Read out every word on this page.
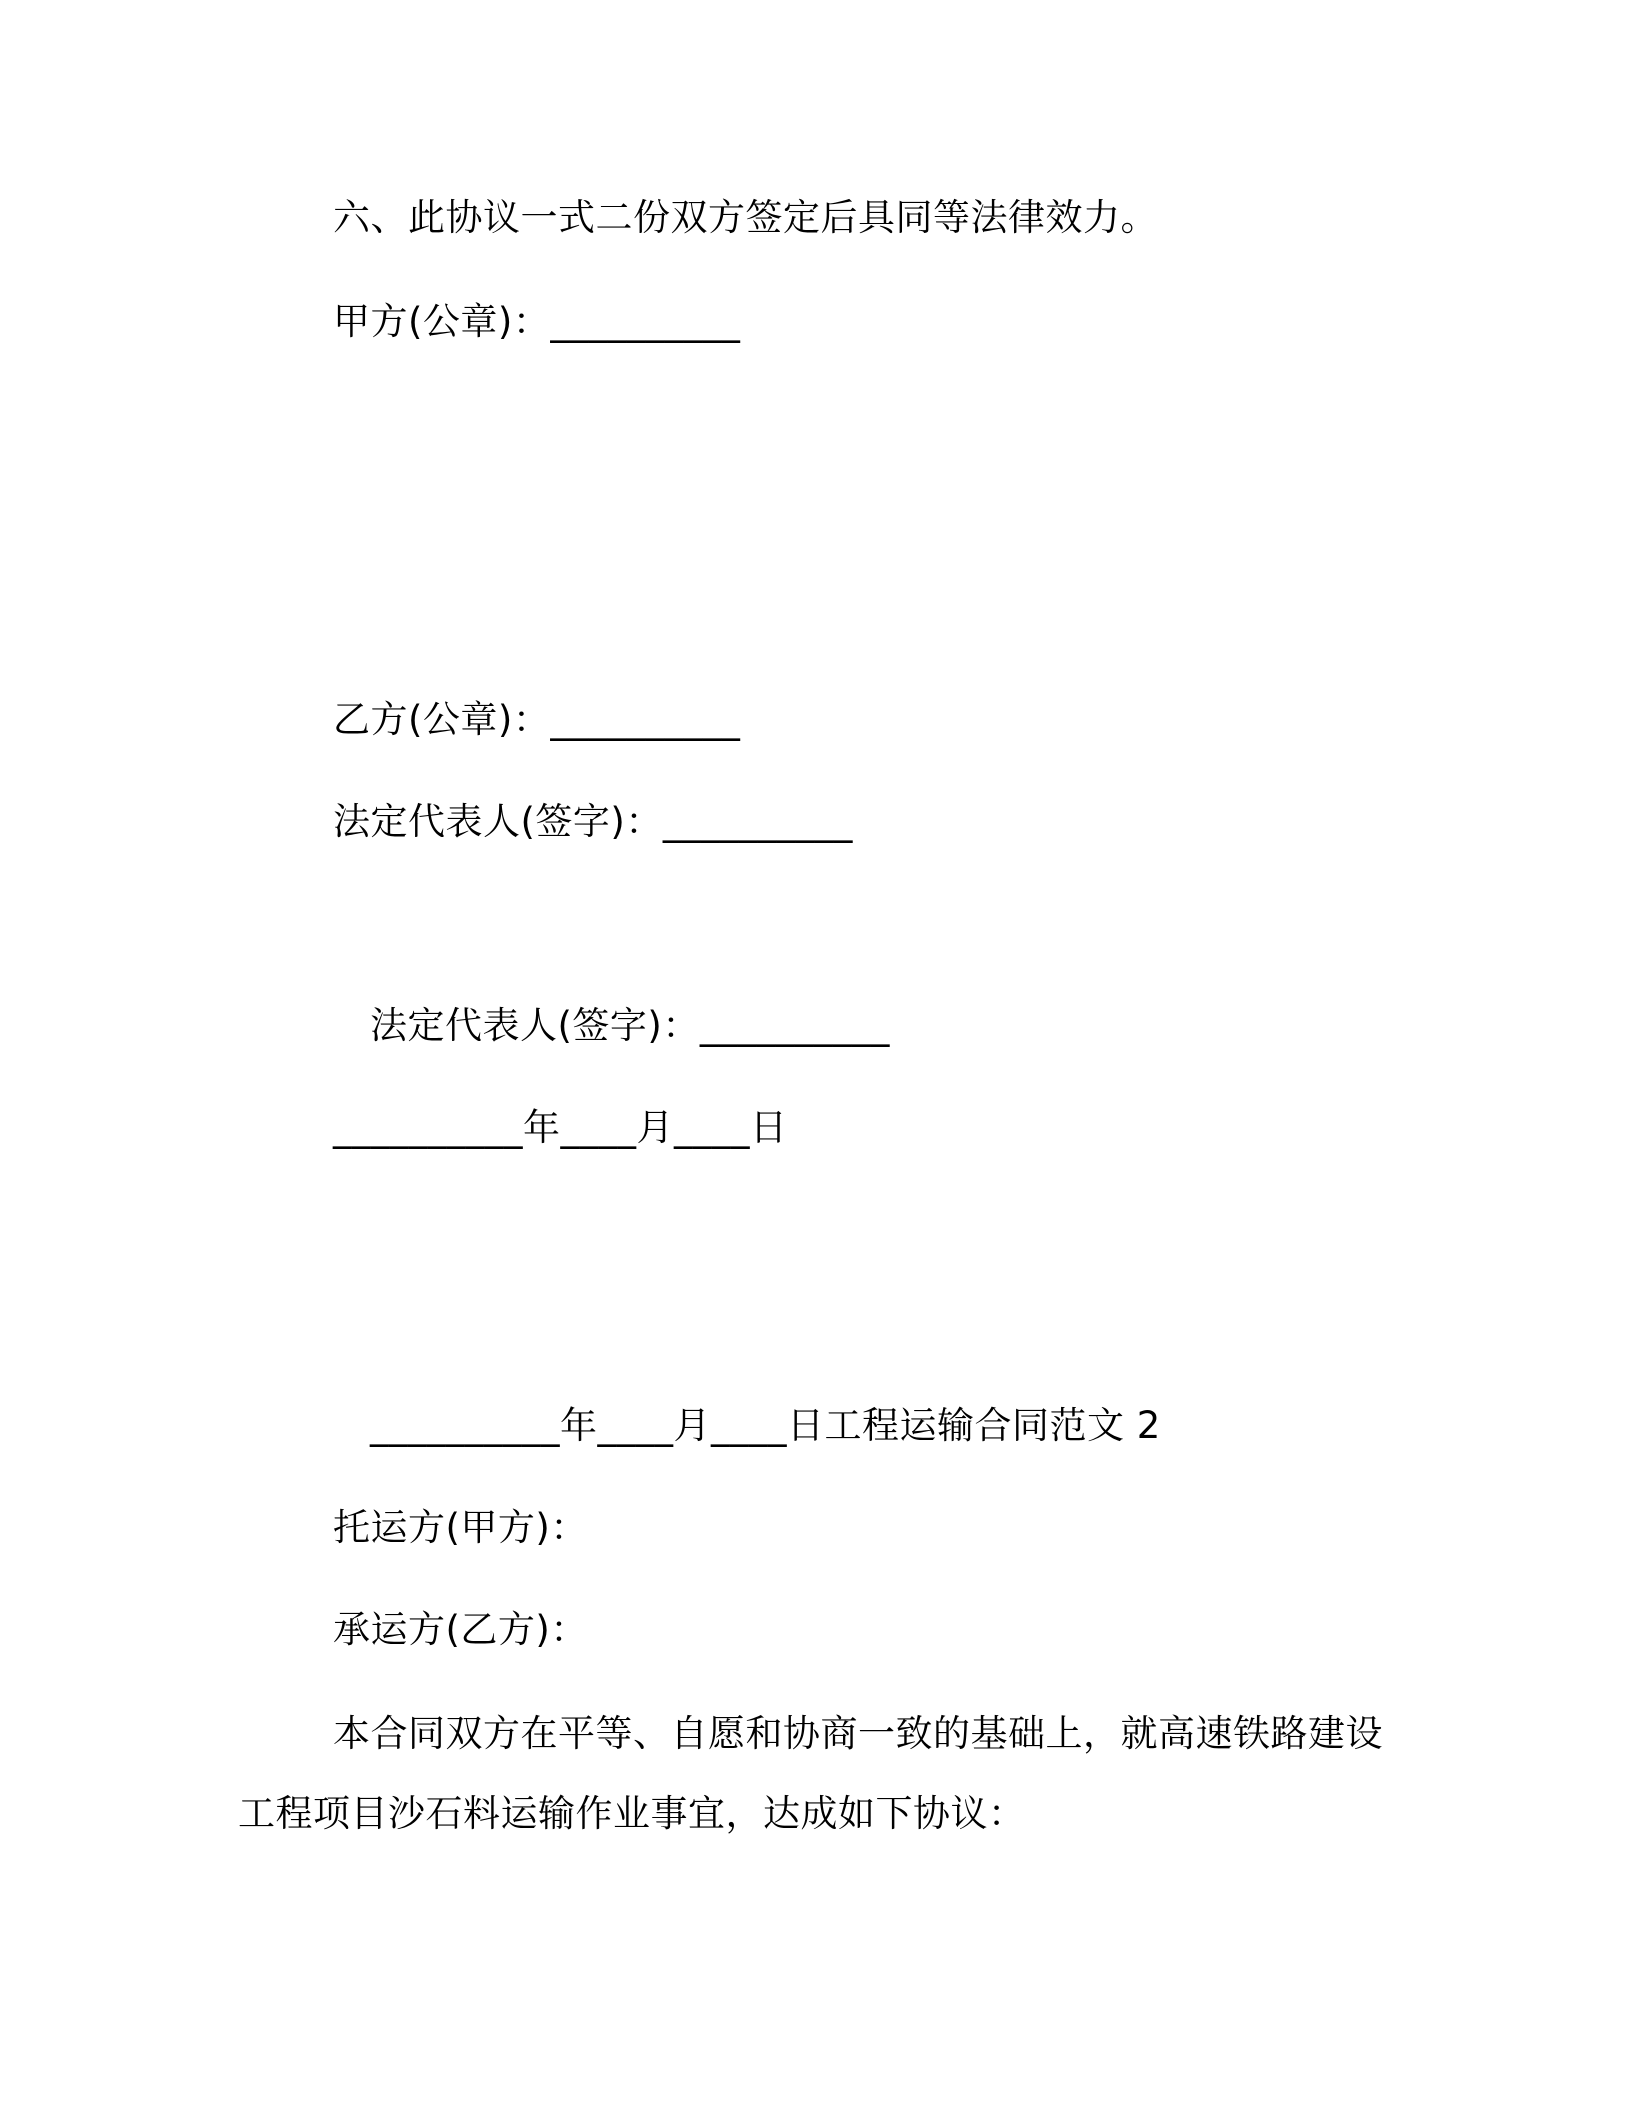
六、此协议一式二份双方签定后具同等法律效力。
甲方(公章)：__________
乙方(公章)：__________
法定代表人(签字)：__________
法定代表人(签字)：__________
__________年____月____日
__________年____月____日工程运输合同范文 2
托运方(甲方)：
承运方(乙方)：
本合同双方在平等、自愿和协商一致的基础上，就高速铁路建设
工程项目沙石料运输作业事宜，达成如下协议：
